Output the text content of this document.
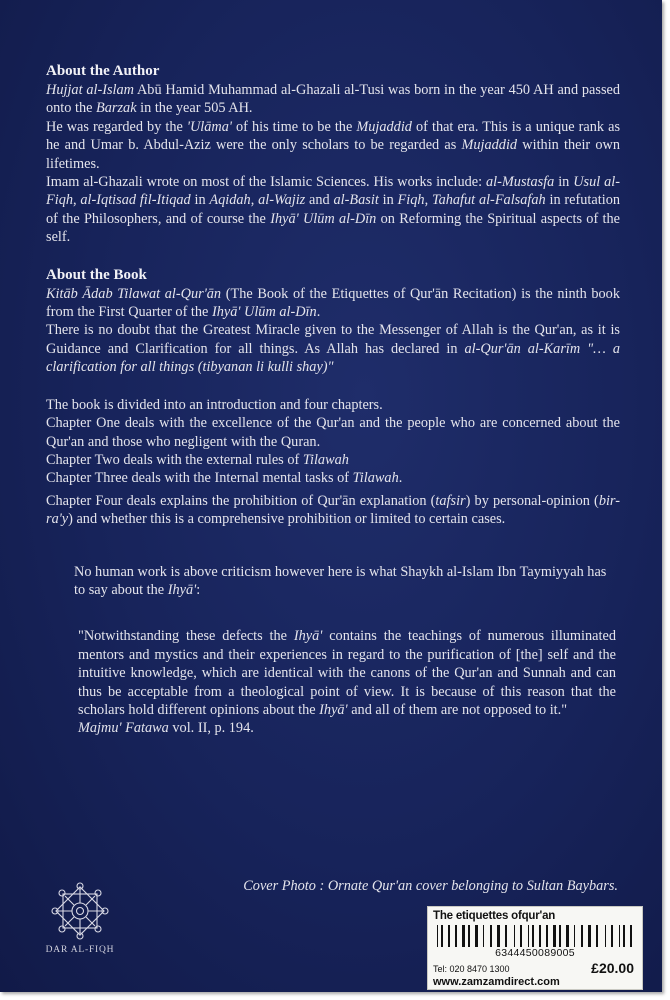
About the Author

Hujjat al-Islam Abū Hamid Muhammad al-Ghazali al-Tusi was born in the year 450 AH and passed onto the Barzak in the year 505 AH.

He was regarded by the 'Ulāma' of his time to be the Mujaddid of that era. This is a unique rank as he and Umar b. Abdul-Aziz were the only scholars to be regarded as Mujaddid within their own lifetimes.

Imam al-Ghazali wrote on most of the Islamic Sciences. His works include: al-Mustasfa in Usul al-Fiqh, al-Iqtisad fil-Itiqad in Aqidah, al-Wajiz and al-Basit in Fiqh, Tahafut al-Falsafah in refutation of the Philosophers, and of course the Ihyā' Ulūm al-Dīn on Reforming the Spiritual aspects of the self.

About the Book

Kitāb Ādab Tilawat al-Qur'ān (The Book of the Etiquettes of Qur'ān Recitation) is the ninth book from the First Quarter of the Ihyā' Ulūm al-Dīn.

There is no doubt that the Greatest Miracle given to the Messenger of Allah is the Qur'an, as it is Guidance and Clarification for all things. As Allah has declared in al-Qur'ān al-Karīm "… a clarification for all things (tibyanan li kulli shay)"

The book is divided into an introduction and four chapters.

Chapter One deals with the excellence of the Qur'an and the people who are concerned about the Qur'an and those who negligent with the Quran.

Chapter Two deals with the external rules of Tilawah

Chapter Three deals with the Internal mental tasks of Tilawah.

Chapter Four deals explains the prohibition of Qur'ān explanation (tafsir) by personal-opinion (bir-ra'y) and whether this is a comprehensive prohibition or limited to certain cases.

No human work is above criticism however here is what Shaykh al-Islam Ibn Taymiyyah has to say about the Ihyā':

"Notwithstanding these defects the Ihyā' contains the teachings of numerous illuminated mentors and mystics and their experiences in regard to the purification of [the] self and the intuitive knowledge, which are identical with the canons of the Qur'an and Sunnah and can thus be acceptable from a theological point of view. It is because of this reason that the scholars hold different opinions about the Ihyā' and all of them are not opposed to it."

Majmu' Fatawa vol. II, p. 194.

Cover Photo : Ornate Qur'an cover belonging to Sultan Baybars.
DAR AL-FIQH
The etiquettes ofqur'an
6344450089005
Tel: 020 8470 1300	£20.00
www.zamzamdirect.com
